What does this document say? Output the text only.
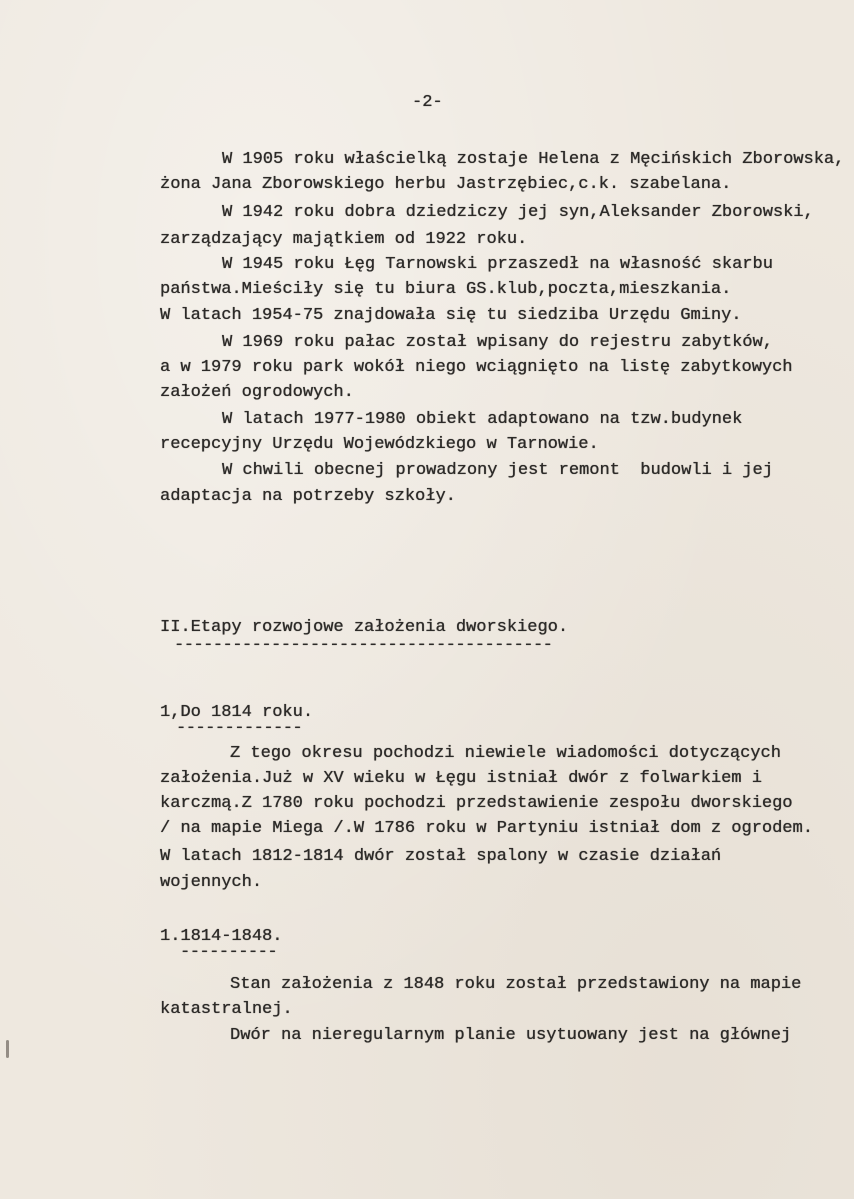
-2-
W 1905 roku właścielką zostaje Helena z Męcińskich Zborowska,
żona Jana Zborowskiego herbu Jastrzębiec,c.k. szabelana.
W 1942 roku dobra dziedziczy jej syn,Aleksander Zborowski,
zarządzający majątkiem od 1922 roku.
W 1945 roku Łęg Tarnowski przaszedł na własność skarbu
państwa.Mieściły się tu biura GS.klub,poczta,mieszkania.
W latach 1954-75 znajdowała się tu siedziba Urzędu Gminy.
W 1969 roku pałac został wpisany do rejestru zabytków,
a w 1979 roku park wokół niego wciągnięto na listę zabytkowych
założeń ogrodowych.
W latach 1977-1980 obiekt adaptowano na tzw.budynek
recepcyjny Urzędu Wojewódzkiego w Tarnowie.
W chwili obecnej prowadzony jest remont  budowli i jej
adaptacja na potrzeby szkoły.
II.Etapy rozwojowe założenia dworskiego.
---------------------------------------
1,Do 1814 roku.
-------------
Z tego okresu pochodzi niewiele wiadomości dotyczących
założenia.Już w XV wieku w Łęgu istniał dwór z folwarkiem i
karczmą.Z 1780 roku pochodzi przedstawienie zespołu dworskiego
/ na mapie Miega /.W 1786 roku w Partyniu istniał dom z ogrodem.
W latach 1812-1814 dwór został spalony w czasie działań
wojennych.
1.1814-1848.
----------
Stan założenia z 1848 roku został przedstawiony na mapie
katastralnej.
Dwór na nieregularnym planie usytuowany jest na głównej
